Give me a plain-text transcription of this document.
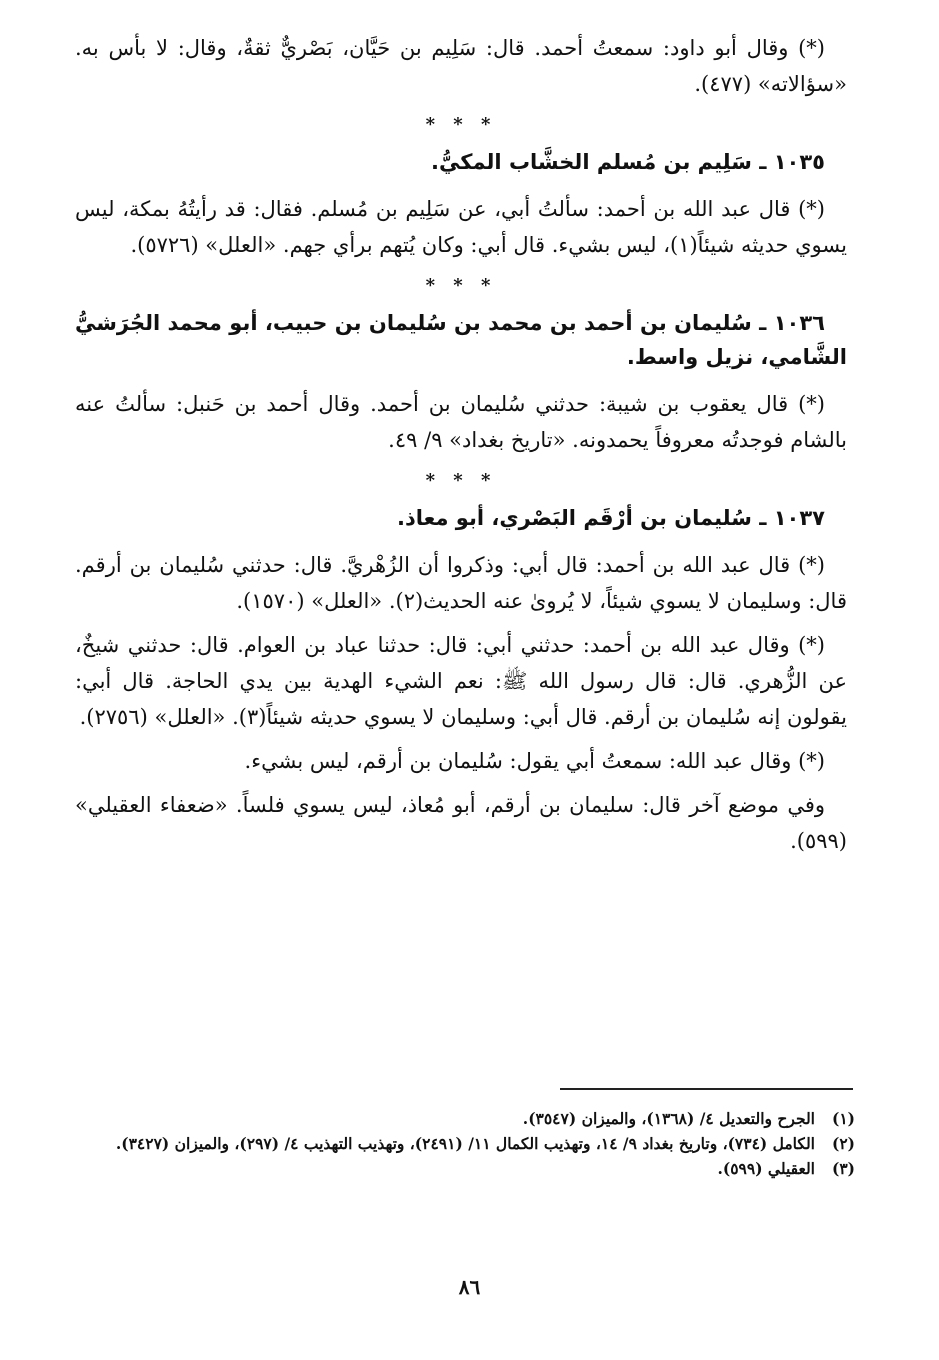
(*) وقال أبو داود: سمعتُ أحمد. قال: سَلِيم بن حَيَّان، بَصْريٌّ ثقةٌ، وقال: لا بأس به. «سؤالاته» (٤٧٧).

* * *

١٠٣٥ ـ سَلِيم بن مُسلم الخشَّاب المكيُّ.

(*) قال عبد الله بن أحمد: سألتُ أبي، عن سَلِيم بن مُسلم. فقال: قد رأيتُهُ بمكة، ليس يسوي حديثه شيئاً(١)، ليس بشيء. قال أبي: وكان يُتهم برأي جهم. «العلل» (٥٧٢٦).

* * *

١٠٣٦ ـ سُليمان بن أحمد بن محمد بن سُليمان بن حبيب، أبو محمد الجُرَشيُّ الشَّامي، نزيل واسط.

(*) قال يعقوب بن شيبة: حدثني سُليمان بن أحمد. وقال أحمد بن حَنبل: سألتُ عنه بالشام فوجدتُه معروفاً يحمدونه. «تاريخ بغداد» ٩/ ٤٩.

* * *

١٠٣٧ ـ سُليمان بن أرْقَم البَصْري، أبو معاذ.

(*) قال عبد الله بن أحمد: قال أبي: وذكروا أن الزُهْريَّ. قال: حدثني سُليمان بن أرقم. قال: وسليمان لا يسوي شيئاً، لا يُروىٰ عنه الحديث(٢). «العلل» (١٥٧٠).

(*) وقال عبد الله بن أحمد: حدثني أبي: قال: حدثنا عباد بن العوام. قال: حدثني شيخٌ، عن الزُّهري. قال: قال رسول الله ﷺ: نعم الشيء الهدية بين يدي الحاجة. قال أبي: يقولون إنه سُليمان بن أرقم. قال أبي: وسليمان لا يسوي حديثه شيئاً(٣). «العلل» (٢٧٥٦).

(*) وقال عبد الله: سمعتُ أبي يقول: سُليمان بن أرقم، ليس بشيء.

وفي موضع آخر قال: سليمان بن أرقم، أبو مُعاذ، ليس يسوي فلساً. «ضعفاء العقيلي» (٥٩٩).

(١)
الجرح والتعديل ٤/ (١٣٦٨)، والميزان (٣٥٤٧).
(٢)
الكامل (٧٣٤)، وتاريخ بغداد ٩/ ١٤، وتهذيب الكمال ١١/ (٢٤٩١)، وتهذيب التهذيب ٤/ (٢٩٧)، والميزان (٣٤٢٧).
(٣)
العقيلي (٥٩٩).
٨٦
